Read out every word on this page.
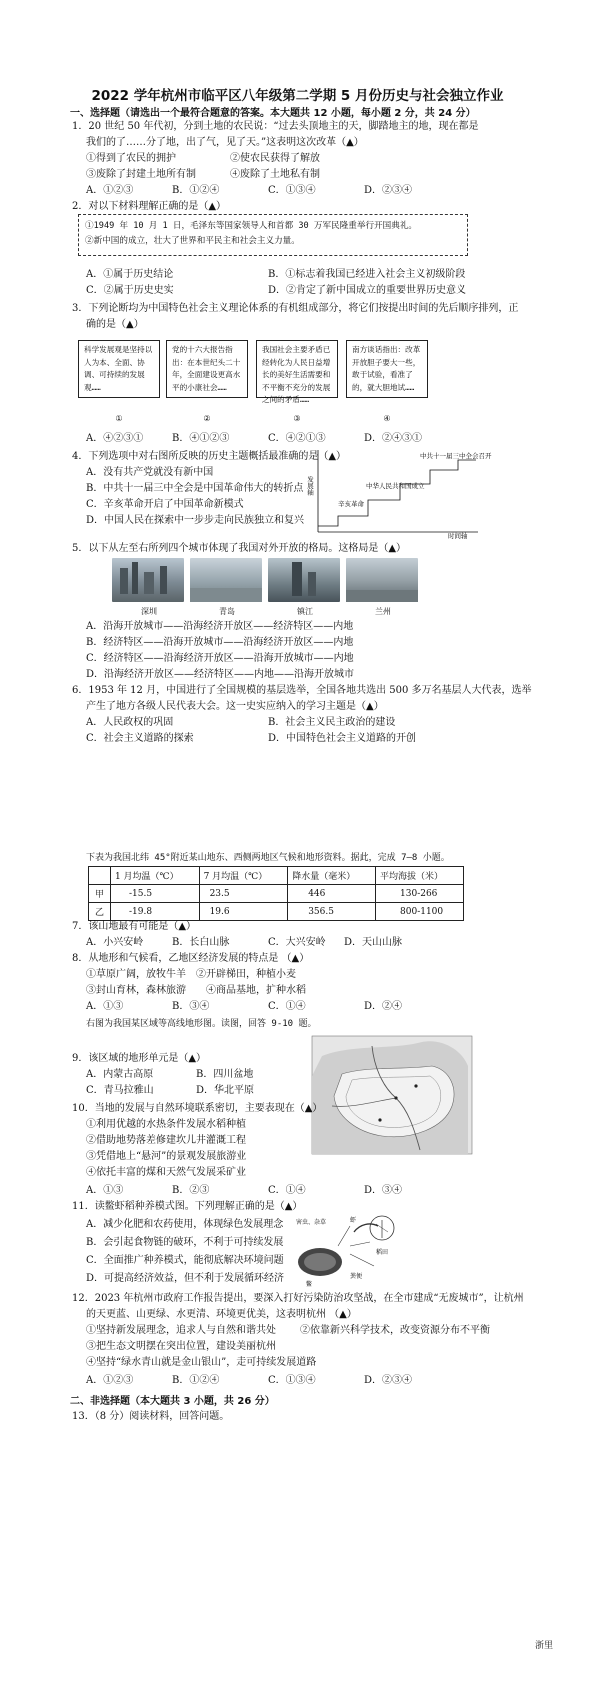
2022 学年杭州市临平区八年级第二学期 5 月份历史与社会独立作业
一、选择题（请选出一个最符合题意的答案。本大题共 12 小题，每小题 2 分，共 24 分）
1．20 世纪 50 年代初，分到土地的农民说：“过去头顶地主的天，脚踏地主的地，现在都是
我们的了……分了地，出了气，见了天。”这表明这次改革（▲）
①得到了农民的拥护	②使农民获得了解放
③废除了封建土地所有制	④废除了土地私有制
A．①②③	B．①②④	C．①③④	D．②③④
2．对以下材料理解正确的是（▲）
①1949 年 10 月 1 日，毛泽东等国家领导人和首都 30 万军民隆重举行开国典礼。
②新中国的成立，壮大了世界和平民主和社会主义力量。
A．①属于历史结论	B．①标志着我国已经进入社会主义初级阶段
C．②属于历史史实	D．②肯定了新中国成立的重要世界历史意义
3．下列论断均为中国特色社会主义理论体系的有机组成部分，将它们按提出时间的先后顺序排列，正
确的是（▲）
科学发展观是坚持以人为本、全面、协调、可持续的发展观……
党的十六大报告指出：在本世纪头二十年，全面建设更高水平的小康社会……
我国社会主要矛盾已经转化为人民日益增长的美好生活需要和不平衡不充分的发展之间的矛盾……
南方谈话指出：改革开放胆子要大一些，敢于试验，看准了的，就大胆地试……
①	②	③	④
A．④②③①	B．④①②③	C．④②①③	D．②④③①
4．下列选项中对右图所反映的历史主题概括最准确的是（▲）
A．没有共产党就没有新中国
B．中共十一届三中全会是中国革命伟大的转折点
C．辛亥革命开启了中国革命新模式
D．中国人民在探索中一步步走向民族独立和复兴
发展轴
时间轴
辛亥革命
中华人民共和国成立
中共十一届三中全会召开
5．以下从左至右所列四个城市体现了我国对外开放的格局。这格局是（▲）
深圳	青岛	镇江	兰州
A．沿海开放城市——沿海经济开放区——经济特区——内地
B．经济特区——沿海开放城市——沿海经济开放区——内地
C．经济特区——沿海经济开放区——沿海开放城市——内地
D．沿海经济开放区——经济特区——内地——沿海开放城市
6．1953 年 12 月，中国进行了全国规模的基层选举，全国各地共选出 500 多万名基层人大代表，选举
产生了地方各级人民代表大会。这一史实应纳入的学习主题是（▲）
A．人民政权的巩固	B．社会主义民主政治的建设
C．社会主义道路的探索	D．中国特色社会主义道路的开创
下表为我国北纬 45°附近某山地东、西侧两地区气候和地形资料。据此，完成 7—8 小题。
	1 月均温（℃）	7 月均温（℃）	降水量（毫米）	平均海拔（米）
甲	-15.5	23.5	446	130-266
乙	-19.8	19.6	356.5	800-1100
7．该山地最有可能是（▲）
A．小兴安岭	B．长白山脉	C．大兴安岭 D．天山山脉
8．从地形和气候看，乙地区经济发展的特点是 （▲）
①草原广阔，放牧牛羊 ②开辟梯田，种植小麦
③封山育林，森林旅游 ④商品基地，扩种水稻
A．①③	B．③④	C．①④	D．②④
右图为我国某区域等高线地形图。读图，回答 9-10 题。
9．该区域的地形单元是（▲）
A．内蒙古高原	B．四川盆地
C．青马拉雅山	D．华北平原
10．当地的发展与自然环境联系密切，主要表现在（▲）
①利用优越的水热条件发展水稻种植
②借助地势落差修建坎儿井灌溉工程
③凭借地上“悬河”的景观发展旅游业
④依托丰富的煤和天然气发展采矿业
A．①③	B．②③	C．①④	D．③④
11．读鳖虾稻种养模式图。下列理解正确的是（▲）
A．减少化肥和农药使用，体现绿色发展理念
B．会引起食物链的破环，不利于可持续发展
C．全面推广种养模式，能彻底解决环境问题
D．可提高经济效益，但不利于发展循环经济
害虫、杂草
稻田
粪便
虾
鳖
12．2023 年杭州市政府工作报告提出，要深入打好污染防治攻坚战，在全市建成“无废城市”，让杭州
的天更蓝、山更绿、水更清、环境更优美，这表明杭州 （▲）
①坚持新发展理念，追求人与自然和谐共处 ②依靠新兴科学技术，改变资源分布不平衡
③把生态文明摆在突出位置，建设美丽杭州
④坚持“绿水青山就是金山银山”，走可持续发展道路
A．①②③	B．①②④	C．①③④	D．②③④
二、非选择题（本大题共 3 小题，共 26 分）
13．（8 分）阅读材料，回答问题。
浙里
